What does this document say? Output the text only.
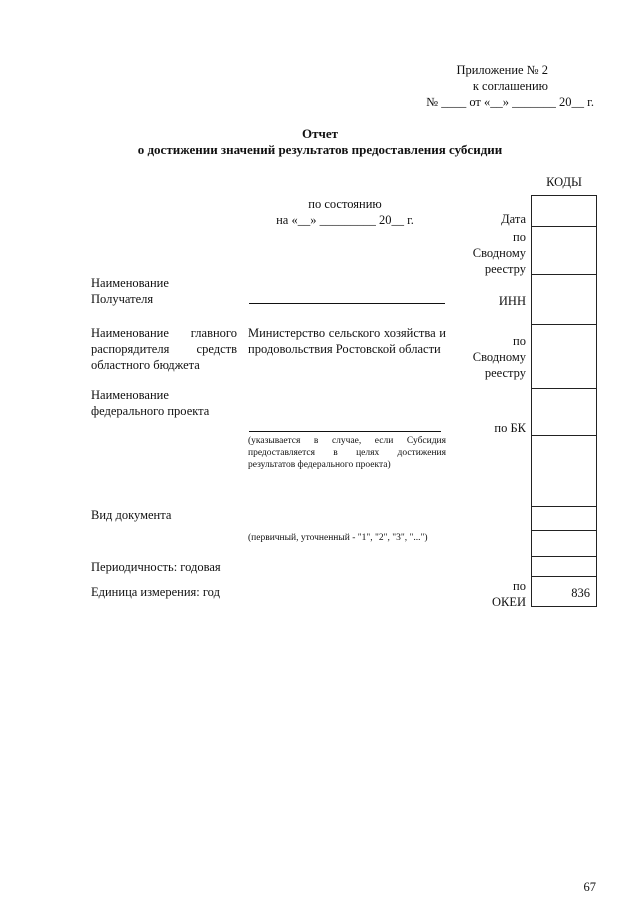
Приложение № 2
к соглашению
№ ____ от «__» _______ 20__ г.
Отчет
о достижении значений результатов предоставления субсидии
КОДЫ
836
Дата
по
Сводному
реестру
ИНН
по
Сводному
реестру
по БК
по
ОКЕИ
по состоянию
на «__» _________ 20__ г.
Наименование
Получателя
Наименование главного распорядителя средств областного бюджета
Министерство сельского хозяйства и продовольствия Ростовской области
Наименование
федерального проекта
(указывается в случае, если Субсидия предоставляется в целях достижения результатов федерального проекта)
Вид документа
(первичный, уточненный - "1", "2", "3", "...")
Периодичность: годовая
Единица измерения: год
67
